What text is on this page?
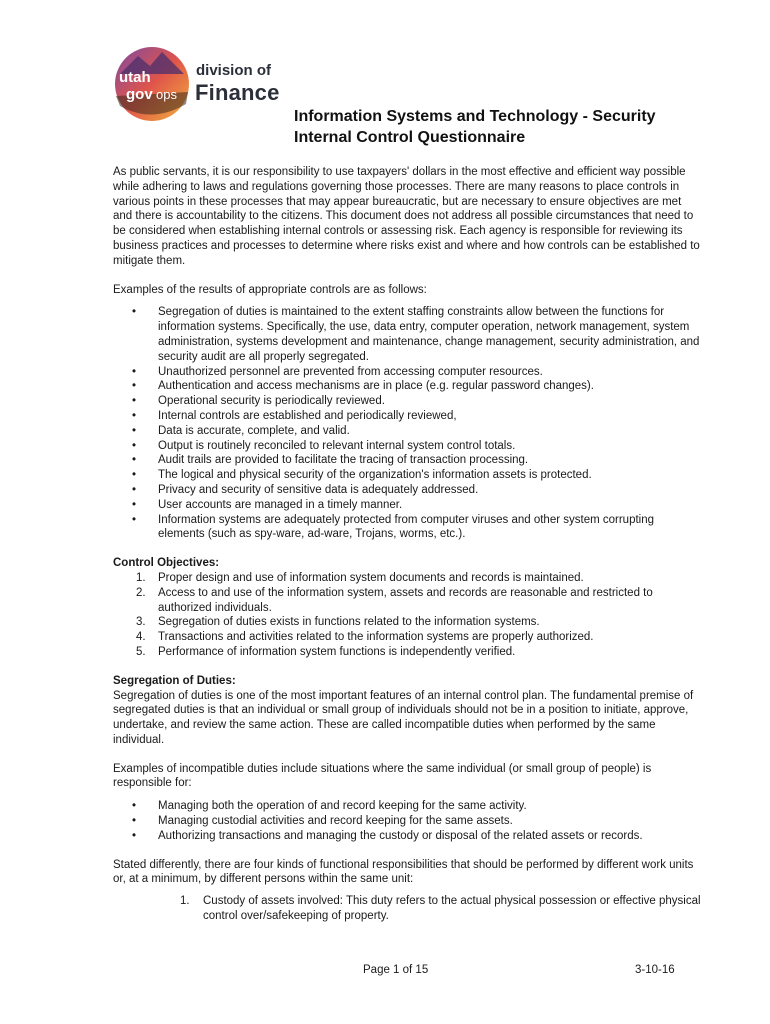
utah
gov ops
division of
Finance
Information Systems and Technology - Security
Internal Control Questionnaire

As public servants, it is our responsibility to use taxpayers' dollars in the most effective and efficient way possible while adhering to laws and regulations governing those processes. There are many reasons to place controls in various points in these processes that may appear bureaucratic, but are necessary to ensure objectives are met and there is accountability to the citizens. This document does not address all possible circumstances that need to be considered when establishing internal controls or assessing risk. Each agency is responsible for reviewing its business practices and processes to determine where risks exist and where and how controls can be established to mitigate them.

Examples of the results of appropriate controls are as follows:

• Segregation of duties is maintained to the extent staffing constraints allow between the functions for information systems. Specifically, the use, data entry, computer operation, network management, system administration, systems development and maintenance, change management, security administration, and security audit are all properly segregated.
• Unauthorized personnel are prevented from accessing computer resources.
• Authentication and access mechanisms are in place (e.g. regular password changes).
• Operational security is periodically reviewed.
• Internal controls are established and periodically reviewed,
• Data is accurate, complete, and valid.
• Output is routinely reconciled to relevant internal system control totals.
• Audit trails are provided to facilitate the tracing of transaction processing.
• The logical and physical security of the organization's information assets is protected.
• Privacy and security of sensitive data is adequately addressed.
• User accounts are managed in a timely manner.
• Information systems are adequately protected from computer viruses and other system corrupting elements (such as spy-ware, ad-ware, Trojans, worms, etc.).

Control Objectives:

1. Proper design and use of information system documents and records is maintained.
2. Access to and use of the information system, assets and records are reasonable and restricted to authorized individuals.
3. Segregation of duties exists in functions related to the information systems.
4. Transactions and activities related to the information systems are properly authorized.
5. Performance of information system functions is independently verified.

Segregation of Duties:

Segregation of duties is one of the most important features of an internal control plan. The fundamental premise of segregated duties is that an individual or small group of individuals should not be in a position to initiate, approve, undertake, and review the same action. These are called incompatible duties when performed by the same individual.

Examples of incompatible duties include situations where the same individual (or small group of people) is responsible for:

• Managing both the operation of and record keeping for the same activity.
• Managing custodial activities and record keeping for the same assets.
• Authorizing transactions and managing the custody or disposal of the related assets or records.

Stated differently, there are four kinds of functional responsibilities that should be performed by different work units or, at a minimum, by different persons within the same unit:

1. Custody of assets involved: This duty refers to the actual physical possession or effective physical control over/safekeeping of property.
Page 1 of 15	3-10-16
